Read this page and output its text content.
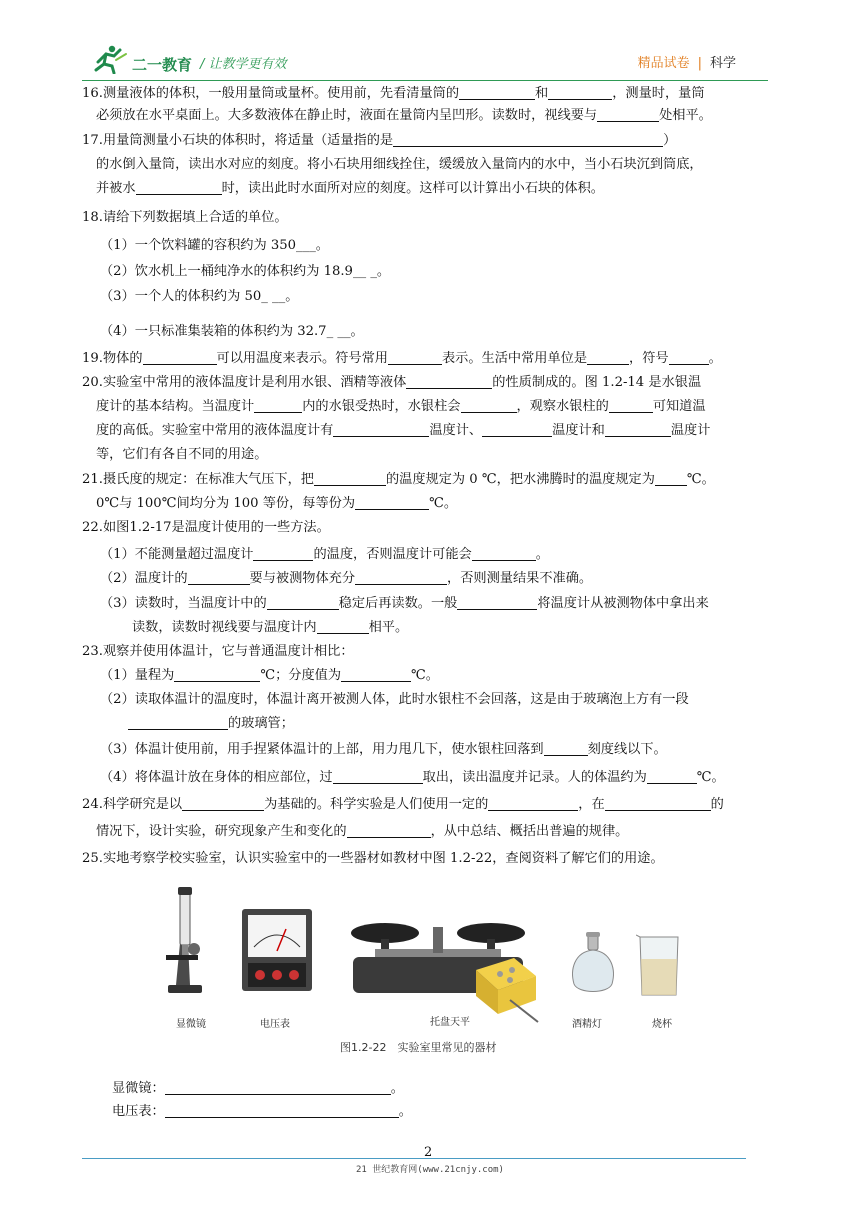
二一教育 / 让教学更有效	精品试卷 | 科学
16.测量液体的体积，一般用量筒或量杯。使用前，先看清量筒的	和	，测量时，量筒
必须放在水平桌面上。大多数液体在静止时，液面在量筒内呈凹形。读数时，视线要与	处相平。
17.用量筒测量小石块的体积时，将适量（适量指的是	）
的水倒入量筒，读出水对应的刻度。将小石块用细线拴住，缓缓放入量筒内的水中，当小石块沉到筒底，
并被水	时，读出此时水面所对应的刻度。这样可以计算出小石块的体积。
18.请给下列数据填上合适的单位。
（1）一个饮料罐的容积约为 350___。
（2）饮水机上一桶纯净水的体积约为 18.9__ _。
（3）一个人的体积约为 50_ __。
（4）一只标准集装箱的体积约为 32.7_ __。
19.物体的	可以用温度来表示。符号常用	表示。生活中常用单位是	，符号	。
20.实验室中常用的液体温度计是利用水银、酒精等液体	的性质制成的。图 1.2-14 是水银温
度计的基本结构。当温度计	内的水银受热时，水银柱会	，观察水银柱的	可知道温
度的高低。实验室中常用的液体温度计有	温度计、	温度计和	温度计
等，它们有各自不同的用途。
21.摄氏度的规定：在标准大气压下，把	的温度规定为 0 ℃，把水沸腾时的温度规定为 ℃。
0℃与 100℃间均分为 100 等份，每等份为	℃。
22.如图1.2-17是温度计使用的一些方法。
（1）不能测量超过温度计	的温度，否则温度计可能会	。
（2）温度计的	要与被测物体充分	，否则测量结果不准确。
（3）读数时，当温度计中的	稳定后再读数。一般	将温度计从被测物体中拿出来
读数，读数时视线要与温度计内	相平。
23.观察并使用体温计，它与普通温度计相比：
（1）量程为	℃；分度值为	℃。
（2）读取体温计的温度时，体温计离开被测人体，此时水银柱不会回落，这是由于玻璃泡上方有一段
的玻璃管；
（3）体温计使用前，用手捏紧体温计的上部，用力甩几下，使水银柱回落到	刻度线以下。
（4）将体温计放在身体的相应部位，过	取出，读出温度并记录。人的体温约为	℃。
24.科学研究是以	为基础的。科学实验是人们使用一定的	，在	的
情况下，设计实验，研究现象产生和变化的	，从中总结、概括出普遍的规律。
25.实地考察学校实验室，认识实验室中的一些器材如教材中图 1.2-22，查阅资料了解它们的用途。
显微镜：	。
电压表：	。
显微镜	电压表	托盘天平	酒精灯	烧杯
图1.2-22　实验室里常见的器材
2
21 世纪教育网(www.21cnjy.com)
